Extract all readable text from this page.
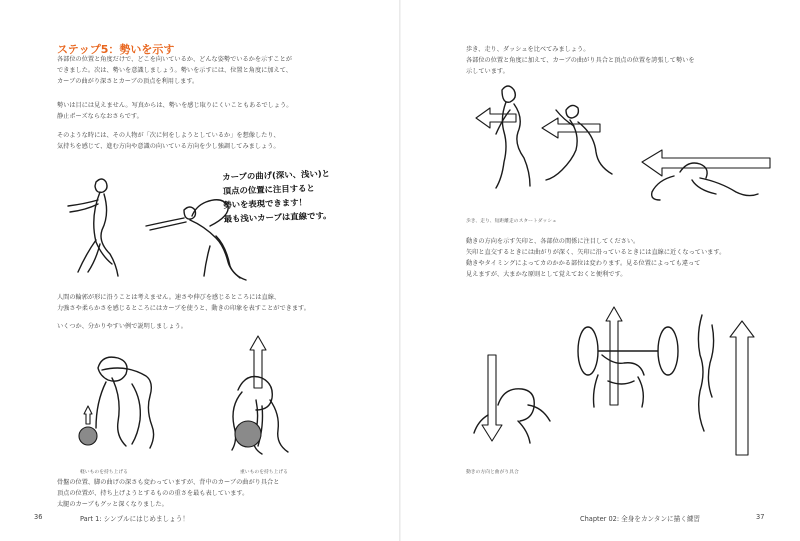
ステップ5：勢いを示す
各部位の位置と角度だけで、どこを向いているか、どんな姿勢でいるかを示すことが
できました。次は、勢いを意識しましょう。勢いを示すには、位置と角度に加えて、
カーブの曲がり深さとカーブの頂点を利用します。
勢いは目には見えません。写真からは、勢いを感じ取りにくいこともあるでしょう。
静止ポーズならなおさらです。
そのような時には、その人物が「次に何をしようとしているか」を想像したり、
気持ちを感じて、進む方向や意識の向いている方向を少し強調してみましょう。
カーブの曲げ(深い、浅い)と
頂点の位置に注目すると
勢いを表現できます！
最も浅いカーブは直線です。
人間の輪郭が形に沿うことは考えません。速さや伸びを感じるところには直線、
力強さや柔らかさを感じるところにはカーブを使うと、動きの印象を表すことができます。
いくつか、分かりやすい例で説明しましょう。
軽いものを持ち上げる	重いものを持ち上げる
骨盤の位置、脚の曲げの深さも変わっていますが、背中のカーブの曲がり具合と
頂点の位置が、持ち上げようとするものの重さを最も表しています。
太腿のカーブもグッと深くなりました。
36	Part 1: シンプルにはじめましょう！
歩き、走り、ダッシュを比べてみましょう。
各部位の位置と角度に加えて、カーブの曲がり具合と頂点の位置を誇張して勢いを
示しています。
歩き、走り、短距離走のスタートダッシュ
動きの方向を示す矢印と、各部位の関係に注目してください。
矢印と直交するときには曲がりが深く、矢印に沿っているときには直線に近くなっています。
動きやタイミングによってカのかかる部位は変わります。見る位置によっても違って
見えますが、大まかな原則として覚えておくと便利です。
動きの方向と曲がり具合
Chapter 02: 全身をカンタンに描く練習	37
